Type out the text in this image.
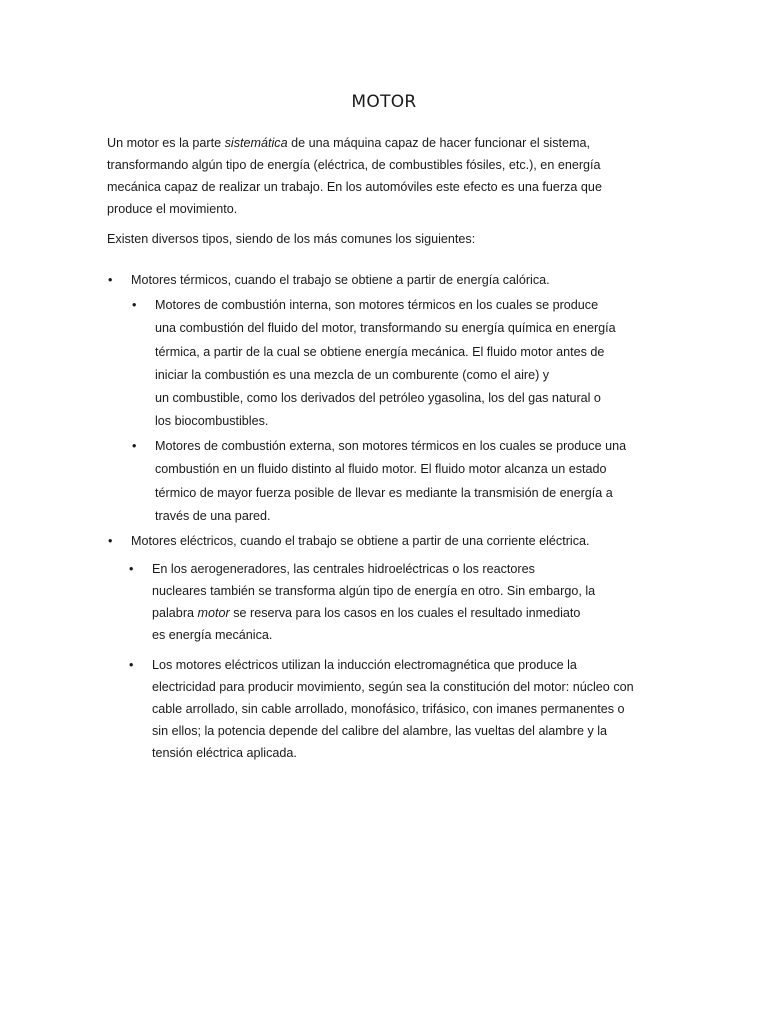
MOTOR
Un motor es la parte sistemática de una máquina capaz de hacer funcionar el sistema,
transformando algún tipo de energía (eléctrica, de combustibles fósiles, etc.), en energía
mecánica capaz de realizar un trabajo. En los automóviles este efecto es una fuerza que
produce el movimiento.
Existen diversos tipos, siendo de los más comunes los siguientes:
• Motores térmicos, cuando el trabajo se obtiene a partir de energía calórica.
• Motores de combustión interna, son motores térmicos en los cuales se produce
una combustión del fluido del motor, transformando su energía química en energía
térmica, a partir de la cual se obtiene energía mecánica. El fluido motor antes de
iniciar la combustión es una mezcla de un comburente (como el aire) y
un combustible, como los derivados del petróleo ygasolina, los del gas natural o
los biocombustibles.
• Motores de combustión externa, son motores térmicos en los cuales se produce una
combustión en un fluido distinto al fluido motor. El fluido motor alcanza un estado
térmico de mayor fuerza posible de llevar es mediante la transmisión de energía a
través de una pared.
• Motores eléctricos, cuando el trabajo se obtiene a partir de una corriente eléctrica.
• En los aerogeneradores, las centrales hidroeléctricas o los reactores
nucleares también se transforma algún tipo de energía en otro. Sin embargo, la
palabra motor se reserva para los casos en los cuales el resultado inmediato
es energía mecánica.
• Los motores eléctricos utilizan la inducción electromagnética que produce la
electricidad para producir movimiento, según sea la constitución del motor: núcleo con
cable arrollado, sin cable arrollado, monofásico, trifásico, con imanes permanentes o
sin ellos; la potencia depende del calibre del alambre, las vueltas del alambre y la
tensión eléctrica aplicada.
